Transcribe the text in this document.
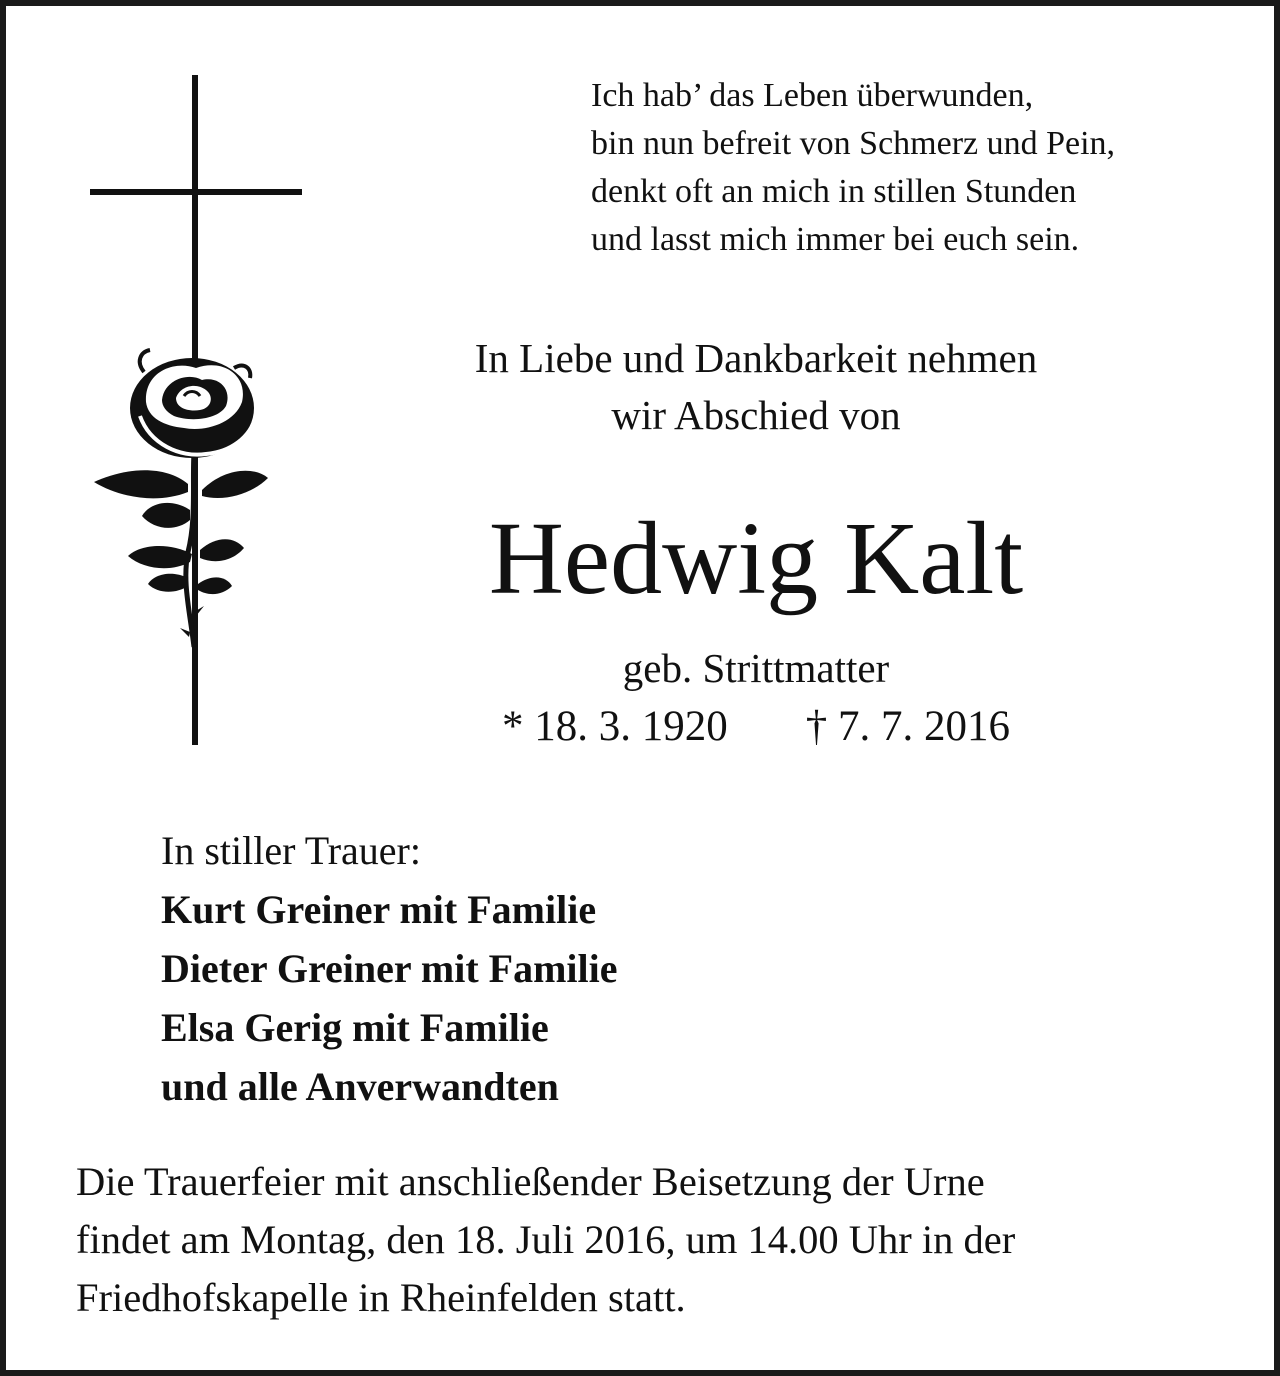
Ich hab’ das Leben überwunden,
bin nun befreit von Schmerz und Pein,
denkt oft an mich in stillen Stunden
und lasst mich immer bei euch sein.
In Liebe und Dankbarkeit nehmen
wir Abschied von
Hedwig Kalt
geb. Strittmatter
* 18. 3. 1920 † 7. 7. 2016
In stiller Trauer:
Kurt Greiner mit Familie
Dieter Greiner mit Familie
Elsa Gerig mit Familie
und alle Anverwandten
Die Trauerfeier mit anschließender Beisetzung der Urne
findet am Montag, den 18. Juli 2016, um 14.00 Uhr in der
Friedhofskapelle in Rheinfelden statt.
